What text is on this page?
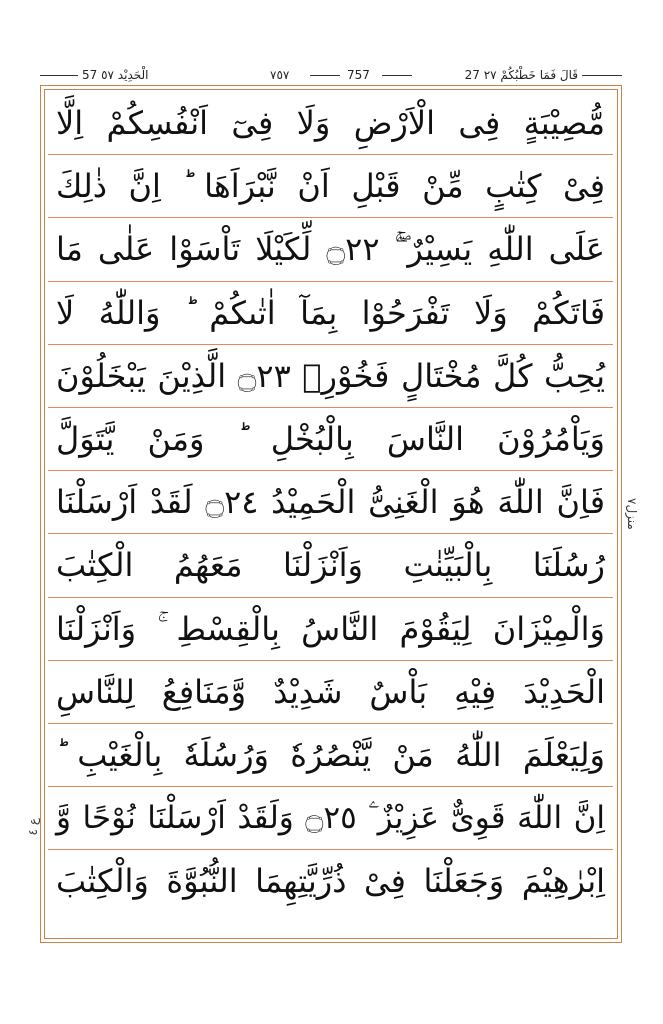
57 الْحَدِيْد ٥٧	٧٥٧	757	27 قَالَ فَمَا خَطْبُكُمْ ٢٧
مُّصِيْبَةٍ فِى الْاَرْضِ وَلَا فِىٓ اَنْفُسِكُمْ اِلَّا
فِىْ كِتٰبٍ مِّنْ قَبْلِ اَنْ نَّبْرَاَهَا ؕ اِنَّ ذٰلِكَ
عَلَى اللّٰهِ يَسِيْرٌ ۚۖ ۝٢٢ لِّكَيْلَا تَاْسَوْا عَلٰى مَا
فَاتَكُمْ وَلَا تَفْرَحُوْا بِمَآ اٰتٰىكُمْ ؕ وَاللّٰهُ لَا
يُحِبُّ كُلَّ مُخْتَالٍ فَخُوْرِۙ ۝٢٣ الَّذِيْنَ يَبْخَلُوْنَ
وَيَاْمُرُوْنَ النَّاسَ بِالْبُخْلِ ؕ وَمَنْ يَّتَوَلَّ
فَاِنَّ اللّٰهَ هُوَ الْغَنِىُّ الْحَمِيْدُ ۝٢٤ لَقَدْ اَرْسَلْنَا
رُسُلَنَا بِالْبَيِّنٰتِ وَاَنْزَلْنَا مَعَهُمُ الْكِتٰبَ
وَالْمِيْزَانَ لِيَقُوْمَ النَّاسُ بِالْقِسْطِ ۚ وَاَنْزَلْنَا
الْحَدِيْدَ فِيْهِ بَاْسٌ شَدِيْدٌ وَّمَنَافِعُ لِلنَّاسِ
وَلِيَعْلَمَ اللّٰهُ مَنْ يَّنْصُرُهٗ وَرُسُلَهٗ بِالْغَيْبِ ؕ
اِنَّ اللّٰهَ قَوِىٌّ عَزِيْزٌ ۧ ۝٢٥ وَلَقَدْ اَرْسَلْنَا نُوْحًا وَّ
اِبْرٰهِيْمَ وَجَعَلْنَا فِىْ ذُرِّيَّتِهِمَا النُّبُوَّةَ وَالْكِتٰبَ
منزل٧
ع ٤
